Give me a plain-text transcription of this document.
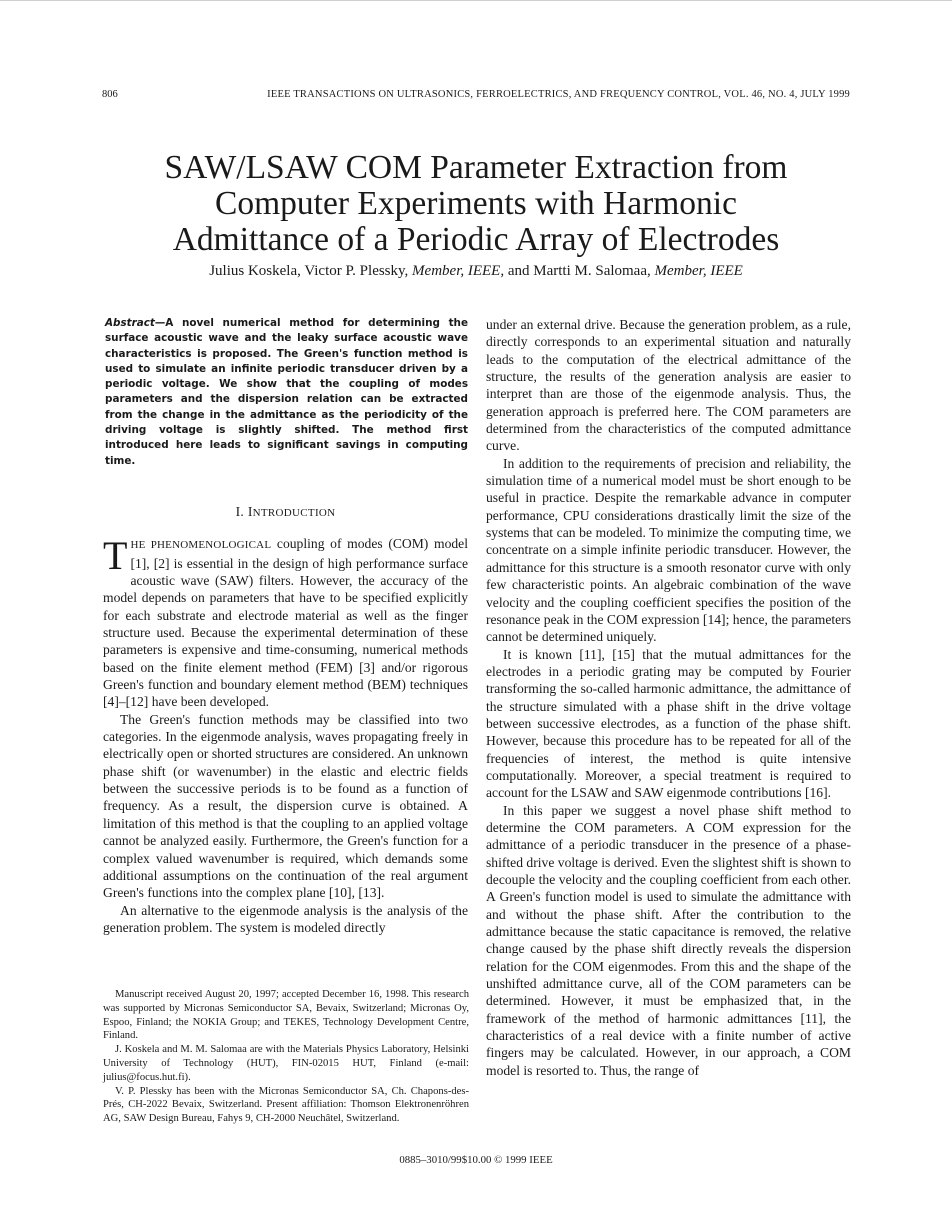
806	IEEE TRANSACTIONS ON ULTRASONICS, FERROELECTRICS, AND FREQUENCY CONTROL, VOL. 46, NO. 4, JULY 1999
SAW/LSAW COM Parameter Extraction from
Computer Experiments with Harmonic
Admittance of a Periodic Array of Electrodes
Julius Koskela, Victor P. Plessky, Member, IEEE, and Martti M. Salomaa, Member, IEEE
Abstract—A novel numerical method for determining the surface acoustic wave and the leaky surface acoustic wave characteristics is proposed. The Green's function method is used to simulate an infinite periodic transducer driven by a periodic voltage. We show that the coupling of modes parameters and the dispersion relation can be extracted from the change in the admittance as the periodicity of the driving voltage is slightly shifted. The method first introduced here leads to significant savings in computing time.
I. INTRODUCTION

THE PHENOMENOLOGICAL coupling of modes (COM) model [1], [2] is essential in the design of high performance surface acoustic wave (SAW) filters. However, the accuracy of the model depends on parameters that have to be specified explicitly for each substrate and electrode material as well as the finger structure used. Because the experimental determination of these parameters is expensive and time-consuming, numerical methods based on the finite element method (FEM) [3] and/or rigorous Green's function and boundary element method (BEM) techniques [4]–[12] have been developed.

The Green's function methods may be classified into two categories. In the eigenmode analysis, waves propagating freely in electrically open or shorted structures are considered. An unknown phase shift (or wavenumber) in the elastic and electric fields between the successive periods is to be found as a function of frequency. As a result, the dispersion curve is obtained. A limitation of this method is that the coupling to an applied voltage cannot be analyzed easily. Furthermore, the Green's function for a complex valued wavenumber is required, which demands some additional assumptions on the continuation of the real argument Green's functions into the complex plane [10], [13].

An alternative to the eigenmode analysis is the analysis of the generation problem. The system is modeled directly

Manuscript received August 20, 1997; accepted December 16, 1998. This research was supported by Micronas Semiconductor SA, Bevaix, Switzerland; Micronas Oy, Espoo, Finland; the NOKIA Group; and TEKES, Technology Development Centre, Finland.

J. Koskela and M. M. Salomaa are with the Materials Physics Laboratory, Helsinki University of Technology (HUT), FIN-02015 HUT, Finland (e-mail: julius@focus.hut.fi).

V. P. Plessky has been with the Micronas Semiconductor SA, Ch. Chapons-des-Prés, CH-2022 Bevaix, Switzerland. Present affiliation: Thomson Elektronenröhren AG, SAW Design Bureau, Fahys 9, CH-2000 Neuchâtel, Switzerland.

under an external drive. Because the generation problem, as a rule, directly corresponds to an experimental situation and naturally leads to the computation of the electrical admittance of the structure, the results of the generation analysis are easier to interpret than are those of the eigenmode analysis. Thus, the generation approach is preferred here. The COM parameters are determined from the characteristics of the computed admittance curve.

In addition to the requirements of precision and reliability, the simulation time of a numerical model must be short enough to be useful in practice. Despite the remarkable advance in computer performance, CPU considerations drastically limit the size of the systems that can be modeled. To minimize the computing time, we concentrate on a simple infinite periodic transducer. However, the admittance for this structure is a smooth resonator curve with only few characteristic points. An algebraic combination of the wave velocity and the coupling coefficient specifies the position of the resonance peak in the COM expression [14]; hence, the parameters cannot be determined uniquely.

It is known [11], [15] that the mutual admittances for the electrodes in a periodic grating may be computed by Fourier transforming the so-called harmonic admittance, the admittance of the structure simulated with a phase shift in the drive voltage between successive electrodes, as a function of the phase shift. However, because this procedure has to be repeated for all of the frequencies of interest, the method is quite intensive computationally. Moreover, a special treatment is required to account for the LSAW and SAW eigenmode contributions [16].

In this paper we suggest a novel phase shift method to determine the COM parameters. A COM expression for the admittance of a periodic transducer in the presence of a phase-shifted drive voltage is derived. Even the slightest shift is shown to decouple the velocity and the coupling coefficient from each other. A Green's function model is used to simulate the admittance with and without the phase shift. After the contribution to the admittance because the static capacitance is removed, the relative change caused by the phase shift directly reveals the dispersion relation for the COM eigenmodes. From this and the shape of the unshifted admittance curve, all of the COM parameters can be determined. However, it must be emphasized that, in the framework of the method of harmonic admittances [11], the characteristics of a real device with a finite number of active fingers may be calculated. However, in our approach, a COM model is resorted to. Thus, the range of

0885–3010/99$10.00 © 1999 IEEE
